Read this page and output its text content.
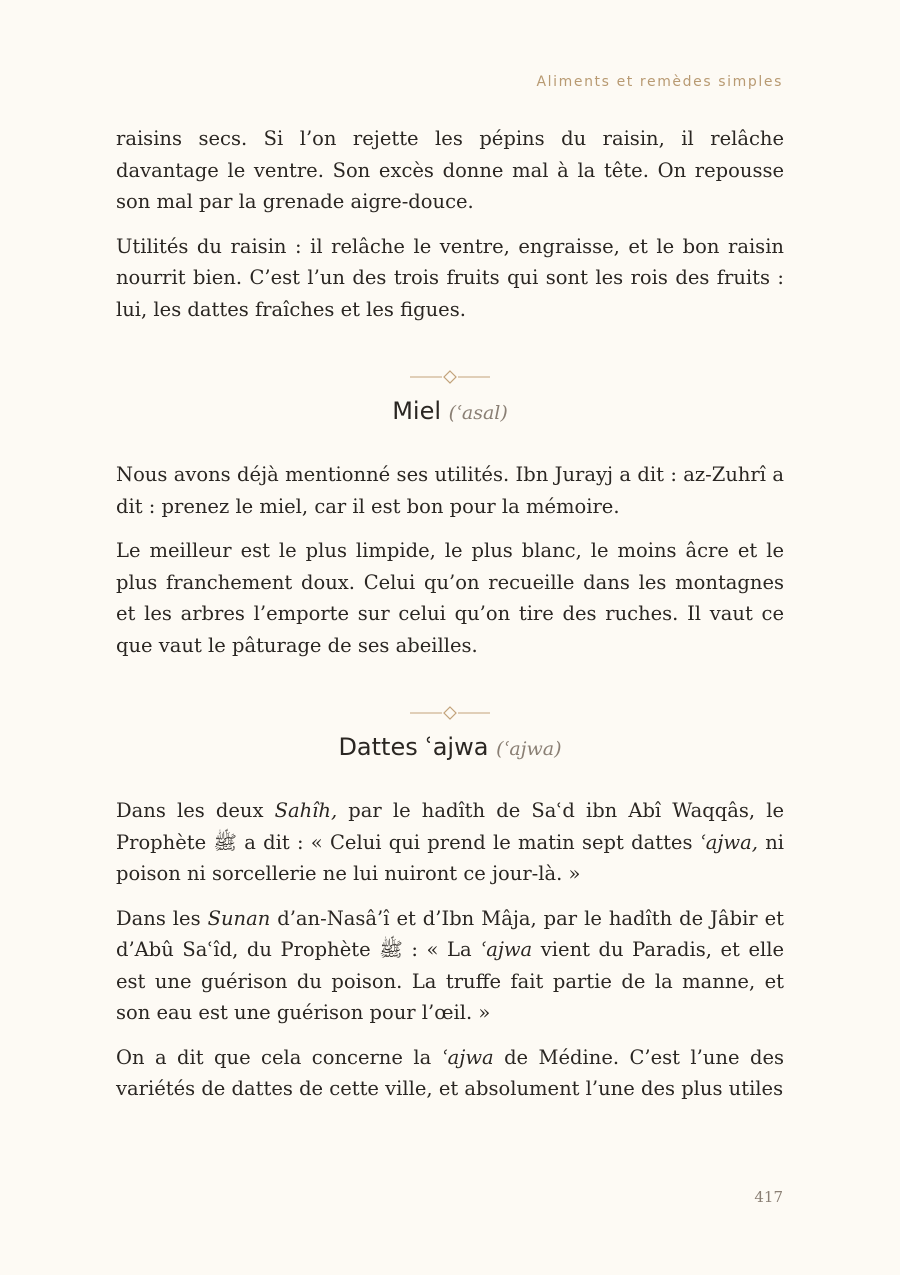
Aliments et remèdes simples

raisins secs. Si l’on rejette les pépins du raisin, il relâche davantage le ventre. Son excès donne mal à la tête. On repousse son mal par la grenade aigre-douce.

Utilités du raisin : il relâche le ventre, engraisse, et le bon raisin nourrit bien. C’est l’un des trois fruits qui sont les rois des fruits : lui, les dattes fraîches et les figues.

Miel (ʿasal)

Nous avons déjà mentionné ses utilités. Ibn Jurayj a dit : az-Zuhrî a dit : prenez le miel, car il est bon pour la mémoire.

Le meilleur est le plus limpide, le plus blanc, le moins âcre et le plus franchement doux. Celui qu’on recueille dans les montagnes et les arbres l’emporte sur celui qu’on tire des ruches. Il vaut ce que vaut le pâturage de ses abeilles.

Dattes ʿajwa (ʿajwa)

Dans les deux Sahîh, par le hadîth de Saʿd ibn Abî Waqqâs, le Prophète ﷺ a dit : « Celui qui prend le matin sept dattes ʿajwa, ni poison ni sorcellerie ne lui nuiront ce jour-là. »

Dans les Sunan d’an-Nasâ’î et d’Ibn Mâja, par le hadîth de Jâbir et d’Abû Saʿîd, du Prophète ﷺ : « La ʿajwa vient du Paradis, et elle est une guérison du poison. La truffe fait partie de la manne, et son eau est une guérison pour l’œil. »

On a dit que cela concerne la ʿajwa de Médine. C’est l’une des variétés de dattes de cette ville, et absolument l’une des plus utiles

417
